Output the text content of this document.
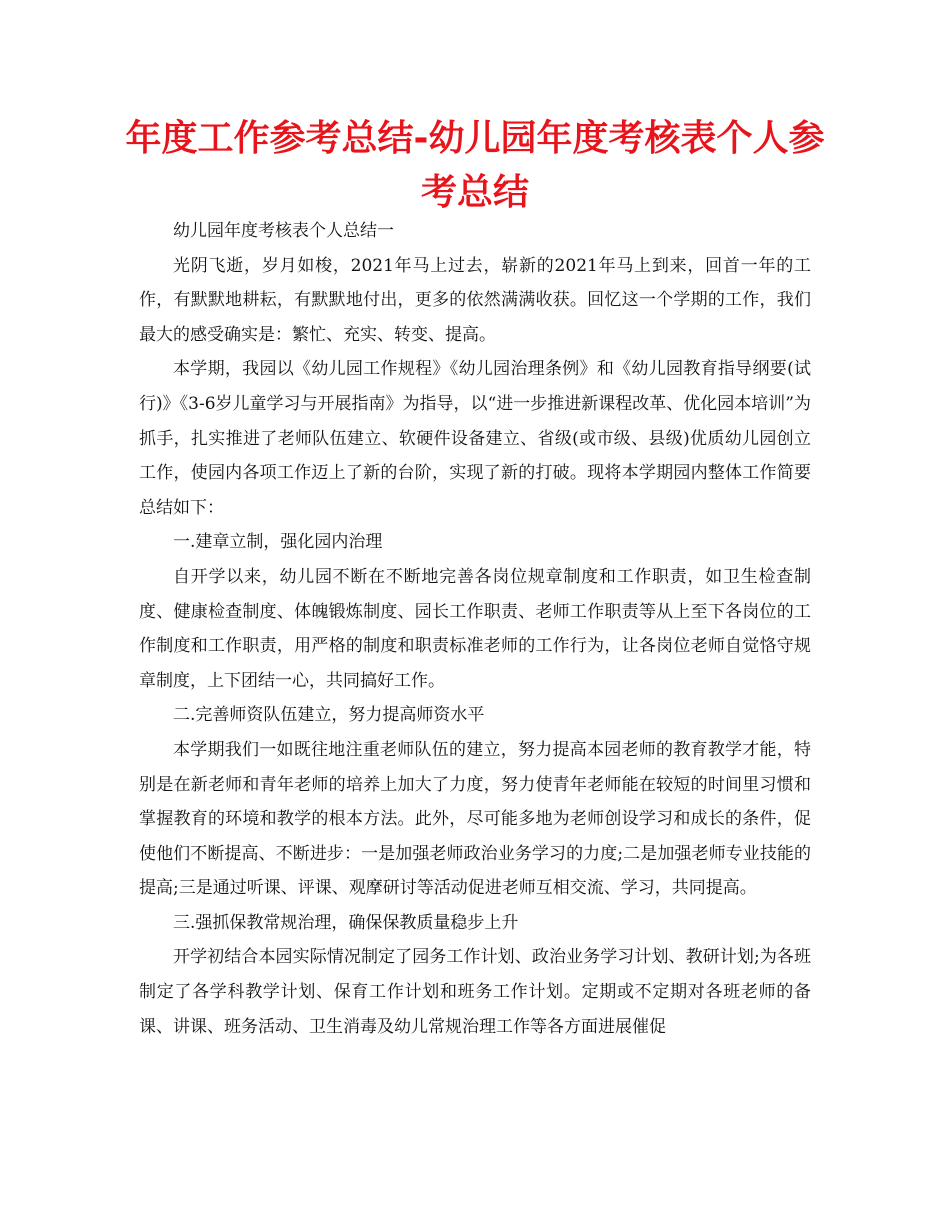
年度工作参考总结-幼儿园年度考核表个人参考总结

幼儿园年度考核表个人总结一

光阴飞逝，岁月如梭，2021年马上过去，崭新的2021年马上到来，回首一年的工作，有默默地耕耘，有默默地付出，更多的依然满满收获。回忆这一个学期的工作，我们最大的感受确实是：繁忙、充实、转变、提高。

本学期，我园以《幼儿园工作规程》《幼儿园治理条例》和《幼儿园教育指导纲要(试行)》《3-6岁儿童学习与开展指南》为指导，以“进一步推进新课程改革、优化园本培训”为抓手，扎实推进了老师队伍建立、软硬件设备建立、省级(或市级、县级)优质幼儿园创立工作，使园内各项工作迈上了新的台阶，实现了新的打破。现将本学期园内整体工作简要总结如下：

一.建章立制，强化园内治理

自开学以来，幼儿园不断在不断地完善各岗位规章制度和工作职责，如卫生检查制度、健康检查制度、体魄锻炼制度、园长工作职责、老师工作职责等从上至下各岗位的工作制度和工作职责，用严格的制度和职责标准老师的工作行为，让各岗位老师自觉恪守规章制度，上下团结一心，共同搞好工作。

二.完善师资队伍建立，努力提高师资水平

本学期我们一如既往地注重老师队伍的建立，努力提高本园老师的教育教学才能，特别是在新老师和青年老师的培养上加大了力度，努力使青年老师能在较短的时间里习惯和掌握教育的环境和教学的根本方法。此外，尽可能多地为老师创设学习和成长的条件，促使他们不断提高、不断进步：一是加强老师政治业务学习的力度;二是加强老师专业技能的提高;三是通过听课、评课、观摩研讨等活动促进老师互相交流、学习，共同提高。

三.强抓保教常规治理，确保保教质量稳步上升

开学初结合本园实际情况制定了园务工作计划、政治业务学习计划、教研计划;为各班制定了各学科教学计划、保育工作计划和班务工作计划。定期或不定期对各班老师的备课、讲课、班务活动、卫生消毒及幼儿常规治理工作等各方面进展催促
